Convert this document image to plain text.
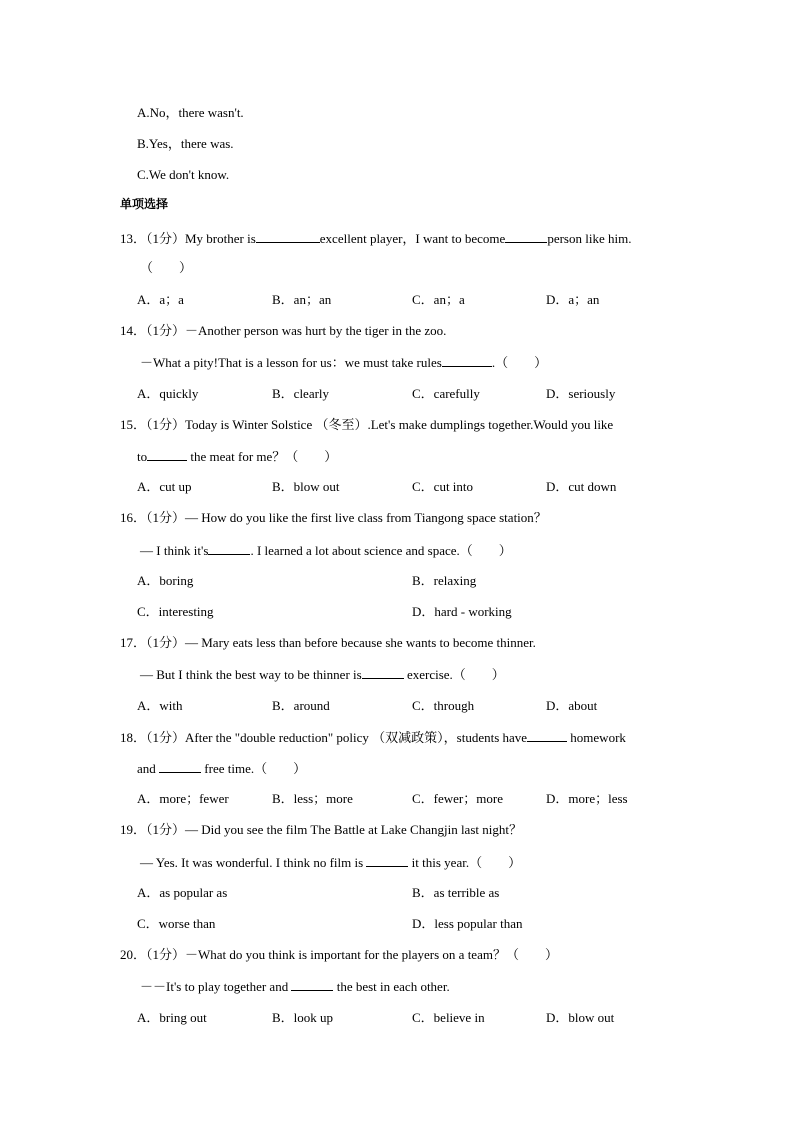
A.No，there wasn't.
B.Yes，there was.
C.We don't know.
单项选择
13．（1分）My brother is	excellent player，I want to become	person like him.
（　　）
A．a；a	B．an；an	C．an；a	D．a；an
14．（1分）－Another person was hurt by the tiger in the zoo.
－What a pity!That is a lesson for us：we must take rules	.（　　）
A．quickly	B．clearly	C．carefully	D．seriously
15．（1分）Today is Winter Solstice （冬至）.Let's make dumplings together.Would you like
to	the meat for me？（　　）
A．cut up	B．blow out	C．cut into	D．cut down
16．（1分）— How do you like the first live class from Tiangong space station？
— I think it's	. I learned a lot about science and space.（　　）
A．boring	B．relaxing
C．interesting	D．hard - working
17．（1分）— Mary eats less than before because she wants to become thinner.
— But I think the best way to be thinner is	exercise.（　　）
A．with	B．around	C．through	D．about
18．（1分）After the "double reduction" policy （双减政策），students have	homework
and	free time.（　　）
A．more；fewer	B．less；more	C．fewer；more	D．more；less
19．（1分）— Did you see the film The Battle at Lake Changjin last night？
— Yes. It was wonderful. I think no film is	it this year.（　　）
A．as popular as	B．as terrible as
C．worse than	D．less popular than
20．（1分）－What do you think is important for the players on a team？（　　）
－－It's to play together and	the best in each other.
A．bring out	B．look up	C．believe in	D．blow out
